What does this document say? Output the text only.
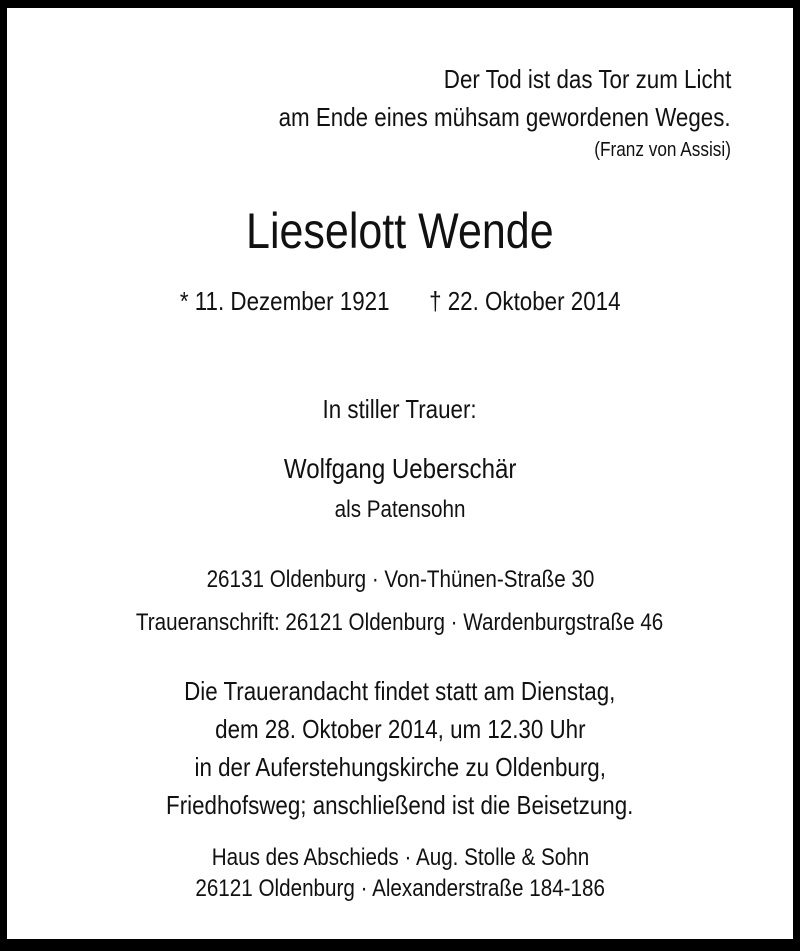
Der Tod ist das Tor zum Licht
am Ende eines mühsam gewordenen Weges.
(Franz von Assisi)
Lieselott Wende
* 11. Dezember 1921 † 22. Oktober 2014
In stiller Trauer:
Wolfgang Ueberschär
als Patensohn
26131 Oldenburg · Von-Thünen-Straße 30
Traueranschrift: 26121 Oldenburg · Wardenburgstraße 46
Die Trauerandacht findet statt am Dienstag,
dem 28. Oktober 2014, um 12.30 Uhr
in der Auferstehungskirche zu Oldenburg,
Friedhofsweg; anschließend ist die Beisetzung.
Haus des Abschieds · Aug. Stolle & Sohn
26121 Oldenburg · Alexanderstraße 184-186
